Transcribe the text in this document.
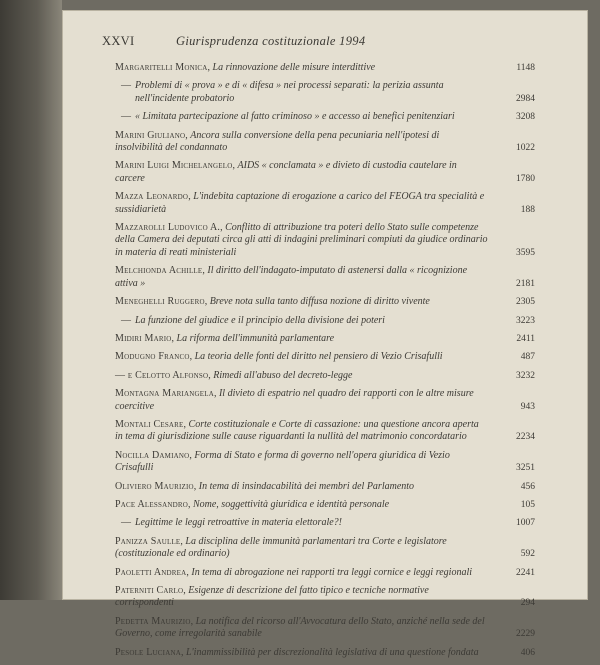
XXVI	Giurisprudenza costituzionale 1994
Margaritelli Monica, La rinnovazione delle misure interdittive	1148
— Problemi di « prova » e di « difesa » nei processi separati: la perizia assunta nell'incidente probatorio	2984
— « Limitata partecipazione al fatto criminoso » e accesso ai benefici penitenziari	3208
Marini Giuliano, Ancora sulla conversione della pena pecuniaria nell'ipotesi di insolvibilità del condannato	1022
Marini Luigi Michelangelo, AIDS « conclamata » e divieto di custodia cautelare in carcere	1780
Mazza Leonardo, L'indebita captazione di erogazione a carico del FEOGA tra specialità e sussidiarietà	188
Mazzarolli Ludovico A., Conflitto di attribuzione tra poteri dello Stato sulle competenze della Camera dei deputati circa gli atti di indagini preliminari compiuti da giudice ordinario in materia di reati ministeriali	3595
Melchionda Achille, Il diritto dell'indagato-imputato di astenersi dalla « ricognizione attiva »	2181
Meneghelli Ruggero, Breve nota sulla tanto diffusa nozione di diritto vivente	2305
— La funzione del giudice e il principio della divisione dei poteri	3223
Midiri Mario, La riforma dell'immunità parlamentare	2411
Modugno Franco, La teoria delle fonti del diritto nel pensiero di Vezio Crisafulli	487
— e Celotto Alfonso, Rimedi all'abuso del decreto-legge	3232
Montagna Mariangela, Il divieto di espatrio nel quadro dei rapporti con le altre misure coercitive	943
Montali Cesare, Corte costituzionale e Corte di cassazione: una questione ancora aperta in tema di giurisdizione sulle cause riguardanti la nullità del matrimonio concordatario	2234
Nocilla Damiano, Forma di Stato e forma di governo nell'opera giuridica di Vezio Crisafulli	3251
Oliviero Maurizio, In tema di insindacabilità dei membri del Parlamento	456
Pace Alessandro, Nome, soggettività giuridica e identità personale	105
— Legittime le leggi retroattive in materia elettorale?!	1007
Panizza Saulle, La disciplina delle immunità parlamentari tra Corte e legislatore (costituzionale ed ordinario)	592
Paoletti Andrea, In tema di abrogazione nei rapporti tra leggi cornice e leggi regionali	2241
Paterniti Carlo, Esigenze di descrizione del fatto tipico e tecniche normative corrispondenti	294
Pedetta Maurizio, La notifica del ricorso all'Avvocatura dello Stato, anziché nella sede del Governo, come irregolarità sanabile	2229
Pesole Luciana, L'inammissibilità per discrezionalità legislativa di una questione fondata	406
